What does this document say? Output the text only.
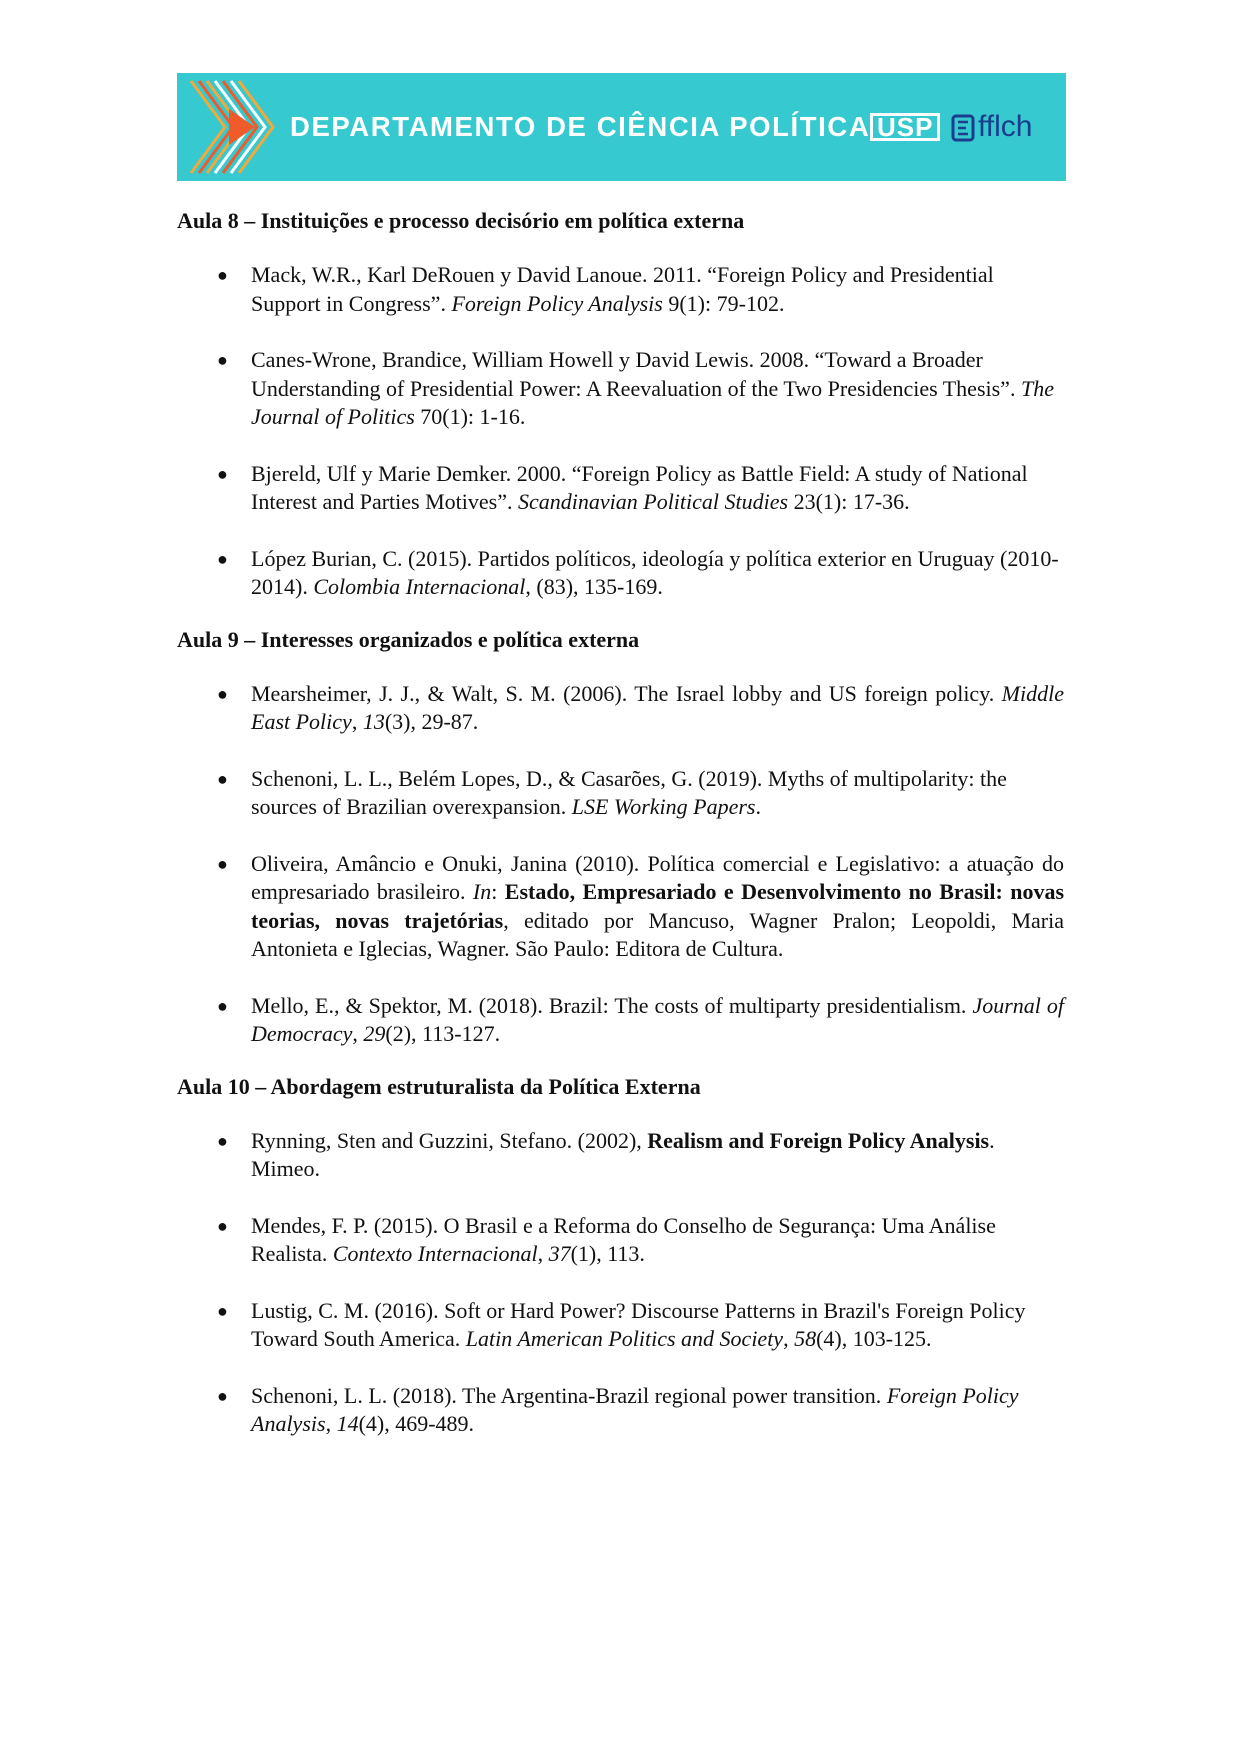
DEPARTAMENTO DE CIÊNCIA POLÍTICA USP	fflch
Aula 8 – Instituições e processo decisório em política externa
● Mack, W.R., Karl DeRouen y David Lanoue. 2011. “Foreign Policy and Presidential Support in Congress”. Foreign Policy Analysis 9(1): 79-102.
● Canes-Wrone, Brandice, William Howell y David Lewis. 2008. “Toward a Broader Understanding of Presidential Power: A Reevaluation of the Two Presidencies Thesis”. The Journal of Politics 70(1): 1-16.
● Bjereld, Ulf y Marie Demker. 2000. “Foreign Policy as Battle Field: A study of National Interest and Parties Motives”. Scandinavian Political Studies 23(1): 17-36.
● López Burian, C. (2015). Partidos políticos, ideología y política exterior en Uruguay (2010-2014). Colombia Internacional, (83), 135-169.
Aula 9 – Interesses organizados e política externa
● Mearsheimer, J. J., & Walt, S. M. (2006). The Israel lobby and US foreign policy. Middle East Policy, 13(3), 29-87.
● Schenoni, L. L., Belém Lopes, D., & Casarões, G. (2019). Myths of multipolarity: the sources of Brazilian overexpansion. LSE Working Papers.
● Oliveira, Amâncio e Onuki, Janina (2010). Política comercial e Legislativo: a atuação do empresariado brasileiro. In: Estado, Empresariado e Desenvolvimento no Brasil: novas teorias, novas trajetórias, editado por Mancuso, Wagner Pralon; Leopoldi, Maria Antonieta e Iglecias, Wagner. São Paulo: Editora de Cultura.
● Mello, E., & Spektor, M. (2018). Brazil: The costs of multiparty presidentialism. Journal of Democracy, 29(2), 113-127.
Aula 10 – Abordagem estruturalista da Política Externa
● Rynning, Sten and Guzzini, Stefano. (2002), Realism and Foreign Policy Analysis. Mimeo.
● Mendes, F. P. (2015). O Brasil e a Reforma do Conselho de Segurança: Uma Análise Realista. Contexto Internacional, 37(1), 113.
● Lustig, C. M. (2016). Soft or Hard Power? Discourse Patterns in Brazil's Foreign Policy Toward South America. Latin American Politics and Society, 58(4), 103-125.
● Schenoni, L. L. (2018). The Argentina-Brazil regional power transition. Foreign Policy Analysis, 14(4), 469-489.
